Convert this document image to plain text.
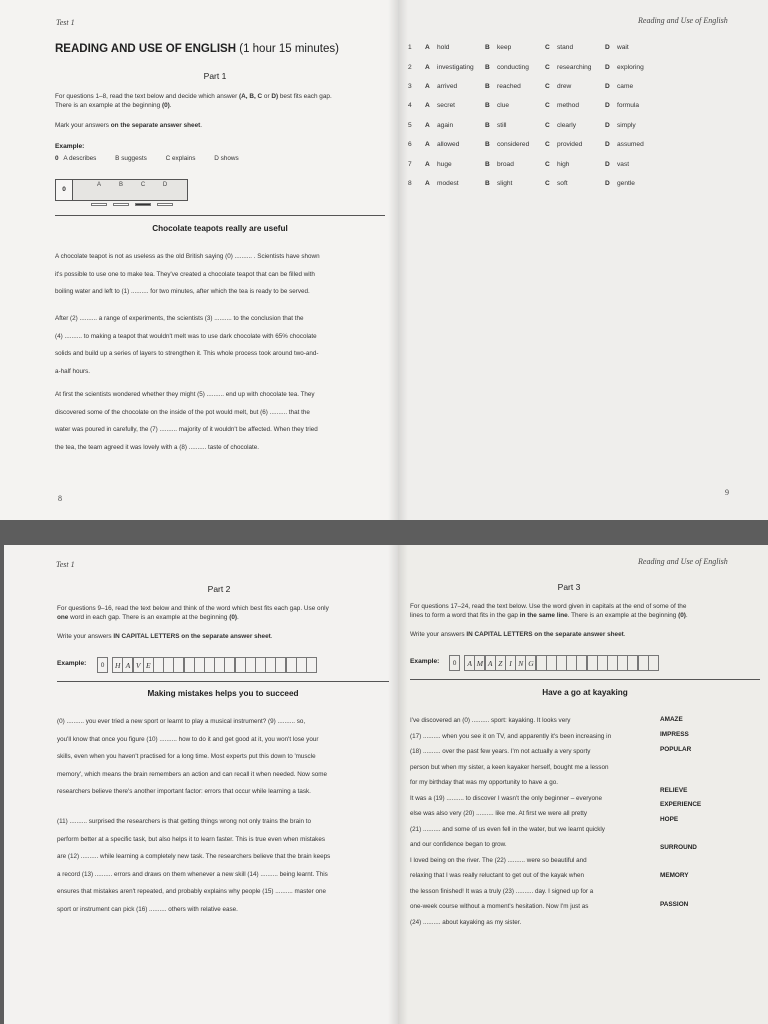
Test 1
READING AND USE OF ENGLISH (1 hour 15 minutes)
Part 1
For questions 1–8, read the text below and decide which answer (A, B, C or D) best fits each gap.
There is an example at the beginning (0).
Mark your answers on the separate answer sheet.
Example:
0 A describes	B suggests	C explains	D shows
0
A	B	C	D
Chocolate teapots really are useful
A chocolate teapot is not as useless as the old British saying (0) .......... . Scientists have shown
it's possible to use one to make tea. They've created a chocolate teapot that can be filled with
boiling water and left to (1) .......... for two minutes, after which the tea is ready to be served.
After (2) .......... a range of experiments, the scientists (3) .......... to the conclusion that the
(4) .......... to making a teapot that wouldn't melt was to use dark chocolate with 65% chocolate
solids and build up a series of layers to strengthen it. This whole process took around two-and-
a-half hours.
At first the scientists wondered whether they might (5) .......... end up with chocolate tea. They
discovered some of the chocolate on the inside of the pot would melt, but (6) .......... that the
water was poured in carefully, the (7) .......... majority of it wouldn't be affected. When they tried
the tea, the team agreed it was lovely with a (8) .......... taste of chocolate.
8
Reading and Use of English
1	A	hold	B	keep	C	stand	D	wait
2	A	investigating	B	conducting	C	researching	D	exploring
3	A	arrived	B	reached	C	drew	D	came
4	A	secret	B	clue	C	method	D	formula
5	A	again	B	still	C	clearly	D	simply
6	A	allowed	B	considered	C	provided	D	assumed
7	A	huge	B	broad	C	high	D	vast
8	A	modest	B	slight	C	soft	D	gentle
9
Test 1
Part 2
For questions 9–16, read the text below and think of the word which best fits each gap. Use only
one word in each gap. There is an example at the beginning (0).
Write your answers IN CAPITAL LETTERS on the separate answer sheet.
Example:	0	H A V E
Making mistakes helps you to succeed
(0) .......... you ever tried a new sport or learnt to play a musical instrument? (9) .......... so,
you'll know that once you figure (10) .......... how to do it and get good at it, you won't lose your
skills, even when you haven't practised for a long time. Most experts put this down to 'muscle
memory', which means the brain remembers an action and can recall it when needed. Now some
researchers believe there's another important factor: errors that occur while learning a task.
(11) .......... surprised the researchers is that getting things wrong not only trains the brain to
perform better at a specific task, but also helps it to learn faster. This is true even when mistakes
are (12) .......... while learning a completely new task. The researchers believe that the brain keeps
a record (13) .......... errors and draws on them whenever a new skill (14) .......... being learnt. This
ensures that mistakes aren't repeated, and probably explains why people (15) .......... master one
sport or instrument can pick (16) .......... others with relative ease.
Reading and Use of English
Part 3
For questions 17–24, read the text below. Use the word given in capitals at the end of some of the
lines to form a word that fits in the gap in the same line. There is an example at the beginning (0).
Write your answers IN CAPITAL LETTERS on the separate answer sheet.
Example:	0	A M A Z I N G
Have a go at kayaking
I've discovered an (0) .......... sport: kayaking. It looks very
(17) .......... when you see it on TV, and apparently it's been increasing in
(18) .......... over the past few years. I'm not actually a very sporty
person but when my sister, a keen kayaker herself, bought me a lesson
for my birthday that was my opportunity to have a go.
It was a (19) .......... to discover I wasn't the only beginner – everyone
else was also very (20) .......... like me. At first we were all pretty
(21) .......... and some of us even fell in the water, but we learnt quickly
and our confidence began to grow.
I loved being on the river. The (22) .......... were so beautiful and
relaxing that I was really reluctant to get out of the kayak when
the lesson finished! It was a truly (23) .......... day. I signed up for a
one-week course without a moment's hesitation. Now I'm just as
(24) .......... about kayaking as my sister.
AMAZE
IMPRESS
POPULAR
RELIEVE
EXPERIENCE
HOPE
SURROUND
MEMORY
PASSION
